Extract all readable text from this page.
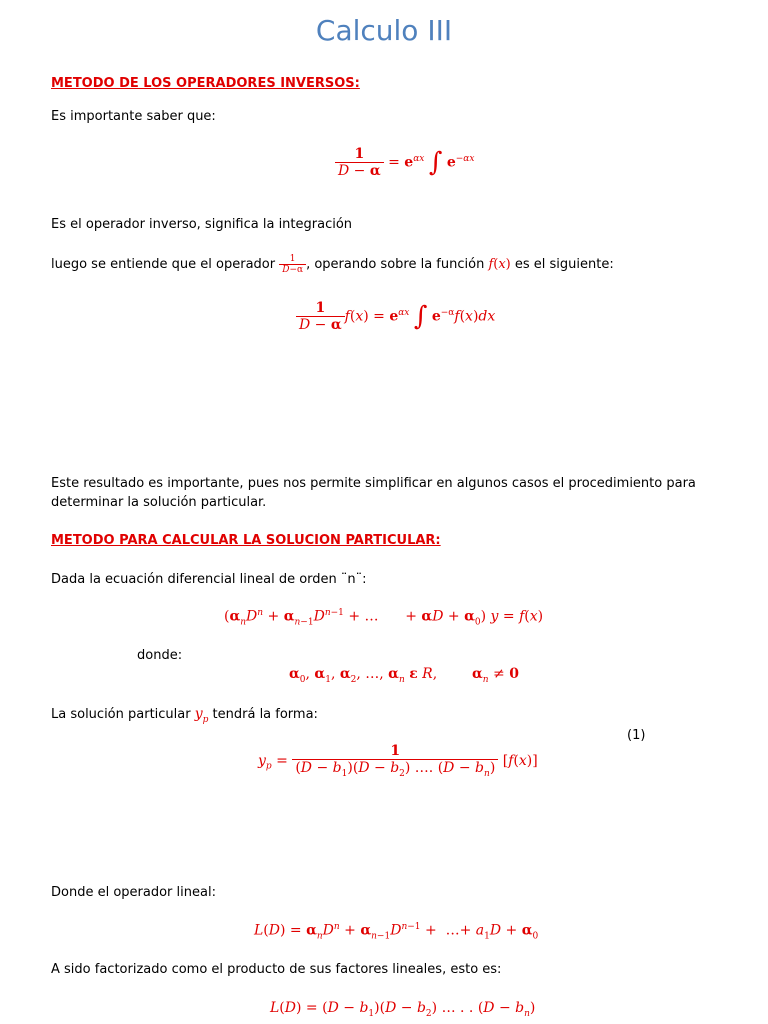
Calculo III
METODO DE LOS OPERADORES INVERSOS:
Es importante saber que:
$\frac{1}{D - \alpha} = e^{\alpha x}$ ∫ $e^{-\alpha x}$
Es el operador inverso, significa la integración
luego se entiende que el operador $\frac{1}{D-\alpha}$ , operando sobre la función f(x) es el siguiente:
$\frac{1}{D - \alpha} f(x) = e^{\alpha x}$ ∫ $e^{-\alpha}f(x)dx$
Este resultado es importante, pues nos permite simplificar en algunos casos el procedimiento para
determinar la solución particular.
METODO PARA CALCULAR LA SOLUCION PARTICULAR:
Dada la ecuación diferencial lineal de orden ¨n¨:
($\alpha_nD^n + \alpha_{n-1}D^{n-1}$ + …      + $\alpha D + \alpha_0$) y = f(x)
donde:
$\alpha_0$, $\alpha_1$, $\alpha_2$, …, $\alpha_n$ ε R, $\alpha_n \ne 0$
La solución particular $y_p$ tendrá la forma:
(1)
$y_p = \frac{1}{(D - b_1)(D - b_2) \dots. (D - b_n)} [f(x)]$
Donde el operador lineal:
$L(D) = \alpha_nD^n + \alpha_{n-1}D^{n-1}$ +  …+ $a_1D + \alpha_0$
A sido factorizado como el producto de sus factores lineales, esto es:
$L(D) = (D - b_1)(D - b_2)$ … . . $(D - b_n)$
